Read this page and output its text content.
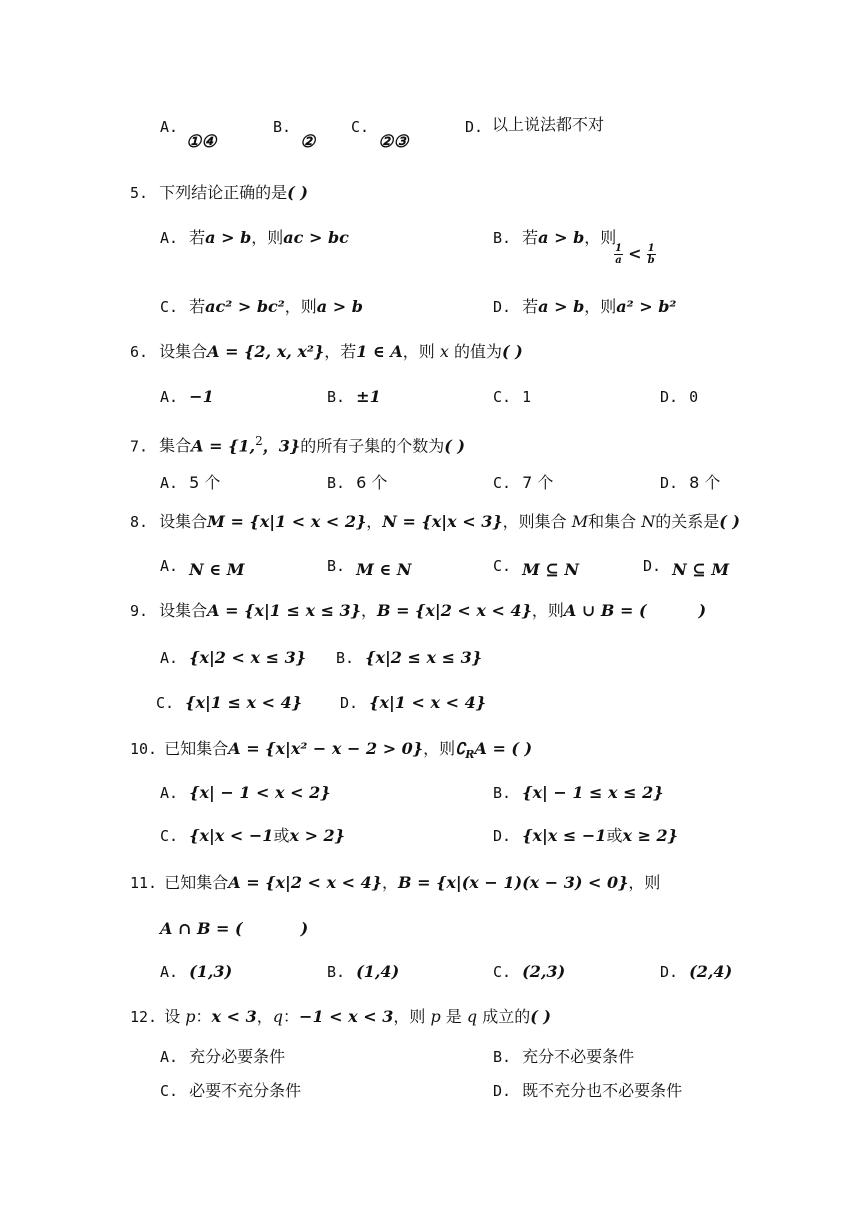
A.
①④
B.
②
C.
②③
D. 以上说法都不对
5. 下列结论正确的是( )
A. 若a > b，则ac > bc	B. 若a > b，则
$\frac{1}{a} < \frac{1}{b}$
C. 若ac² > bc²，则a > b	D. 若a > b，则a² > b²
6. 设集合A = {2, x, x²}，若1 ∈ A，则 x 的值为( )
A. −1	B. ±1	C. 1	D. 0
7. 集合A = {1,$^2$，3}的所有子集的个数为( )
A. 5 个	B. 6 个	C. 7 个	D. 8 个
8. 设集合M = {x|1 < x < 2}，N = {x|x < 3}，则集合 M和集合 N的关系是( )
A. N ∈ M	B. M ∈ N	C. M ⊆ N	D. N ⊆ M
9. 设集合A = {x|1 ≤ x ≤ 3}，B = {x|2 < x < 4}，则A ∪ B = (	)
A. {x|2 < x ≤ 3} B. {x|2 ≤ x ≤ 3}
C. {x|1 ≤ x < 4}	D. {x|1 < x < 4}
10. 已知集合A = {x|x² − x − 2 > 0}，则$∁_RA$ = ( )
A. {x| − 1 < x < 2}	B. {x| − 1 ≤ x ≤ 2}
C. {x|x < −1或x > 2}	D. {x|x ≤ −1或x ≥ 2}
11. 已知集合A = {x|2 < x < 4}，B = {x|(x − 1)(x − 3) < 0}，则
A ∩ B = (	)
A. (1,3)	B. (1,4)	C. (2,3)	D. (2,4)
12. 设 p：x < 3，q：−1 < x < 3，则 p 是 q 成立的( )
A. 充分必要条件	B. 充分不必要条件
C. 必要不充分条件	D. 既不充分也不必要条件
